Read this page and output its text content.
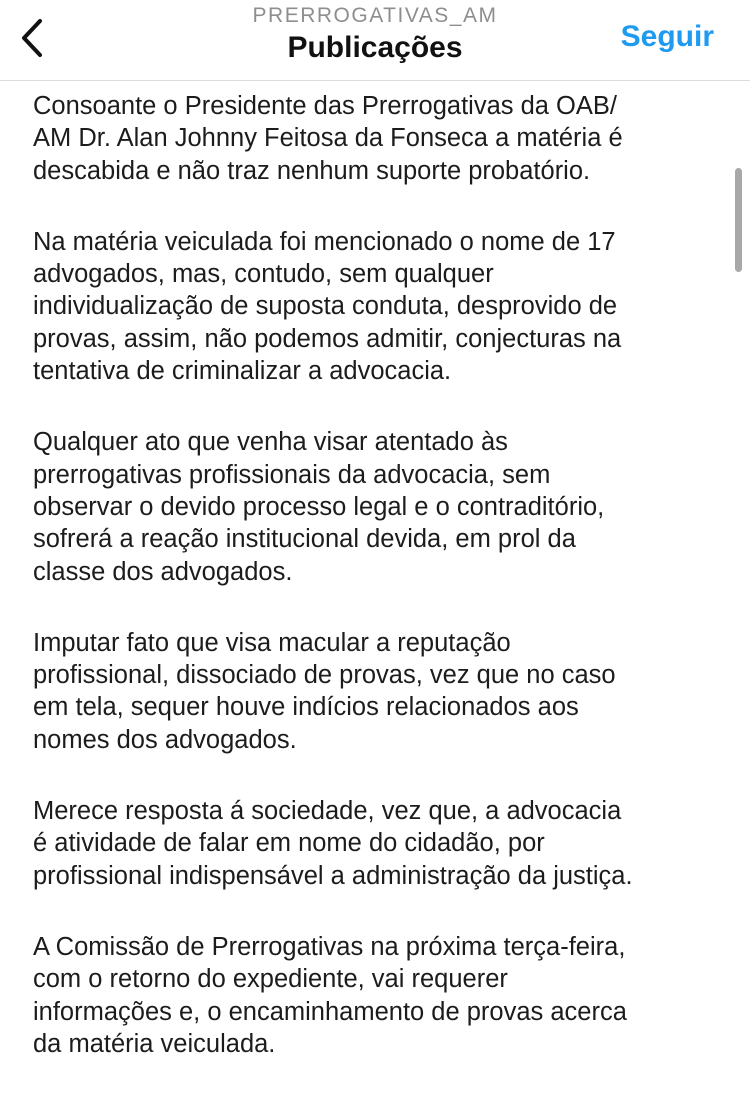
PRERROGATIVAS_AM
Publicações	Seguir

Consoante o Presidente das Prerrogativas da OAB/
AM Dr. Alan Johnny Feitosa da Fonseca a matéria é
descabida e não traz nenhum suporte probatório.

Na matéria veiculada foi mencionado o nome de 17
advogados, mas, contudo, sem qualquer
individualização de suposta conduta, desprovido de
provas, assim, não podemos admitir, conjecturas na
tentativa de criminalizar a advocacia.

Qualquer ato que venha visar atentado às
prerrogativas profissionais da advocacia, sem
observar o devido processo legal e o contraditório,
sofrerá a reação institucional devida, em prol da
classe dos advogados.

Imputar fato que visa macular a reputação
profissional, dissociado de provas, vez que no caso
em tela, sequer houve indícios relacionados aos
nomes dos advogados.

Merece resposta á sociedade, vez que, a advocacia
é atividade de falar em nome do cidadão, por
profissional indispensável a administração da justiça.

A Comissão de Prerrogativas na próxima terça-feira,
com o retorno do expediente, vai requerer
informações e, o encaminhamento de provas acerca
da matéria veiculada.
